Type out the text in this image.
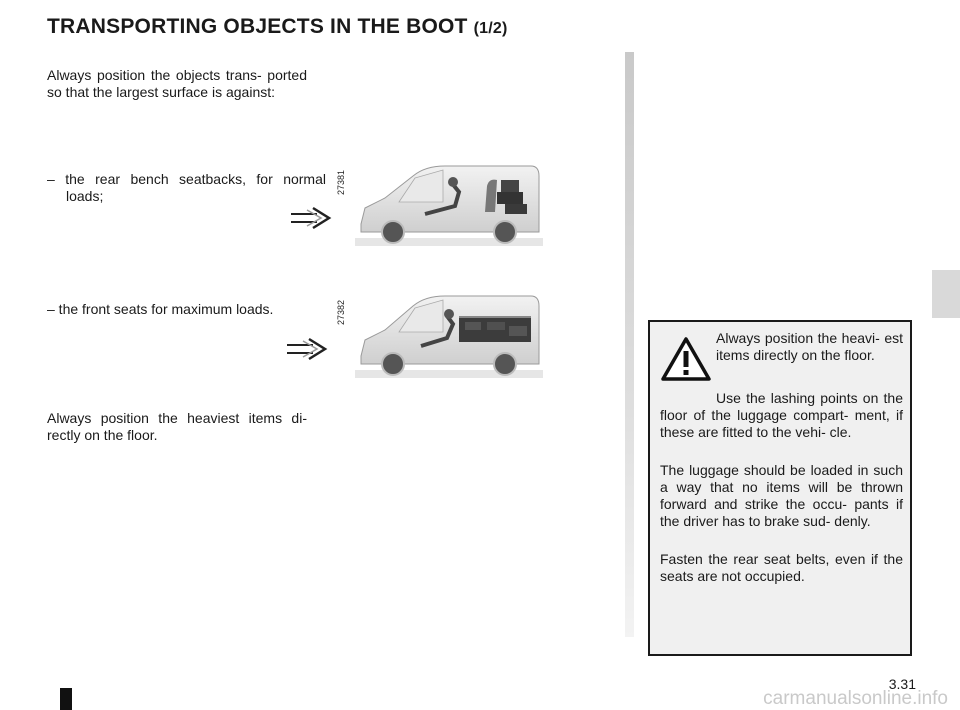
TRANSPORTING OBJECTS IN THE BOOT (1/2)
Always position the objects trans- ported so that the largest surface is against:
– the rear bench seatbacks, for normal loads;
– the front seats for maximum loads.
Always position the heaviest items di- rectly on the floor.
27381
27382
Always position the heavi- est items directly on the floor.
Use the lashing points on the floor of the luggage compart- ment, if these are fitted to the vehi- cle.
The luggage should be loaded in such a way that no items will be thrown forward and strike the occu- pants if the driver has to brake sud- denly.
Fasten the rear seat belts, even if the seats are not occupied.
3.31
carmanualsonline.info
